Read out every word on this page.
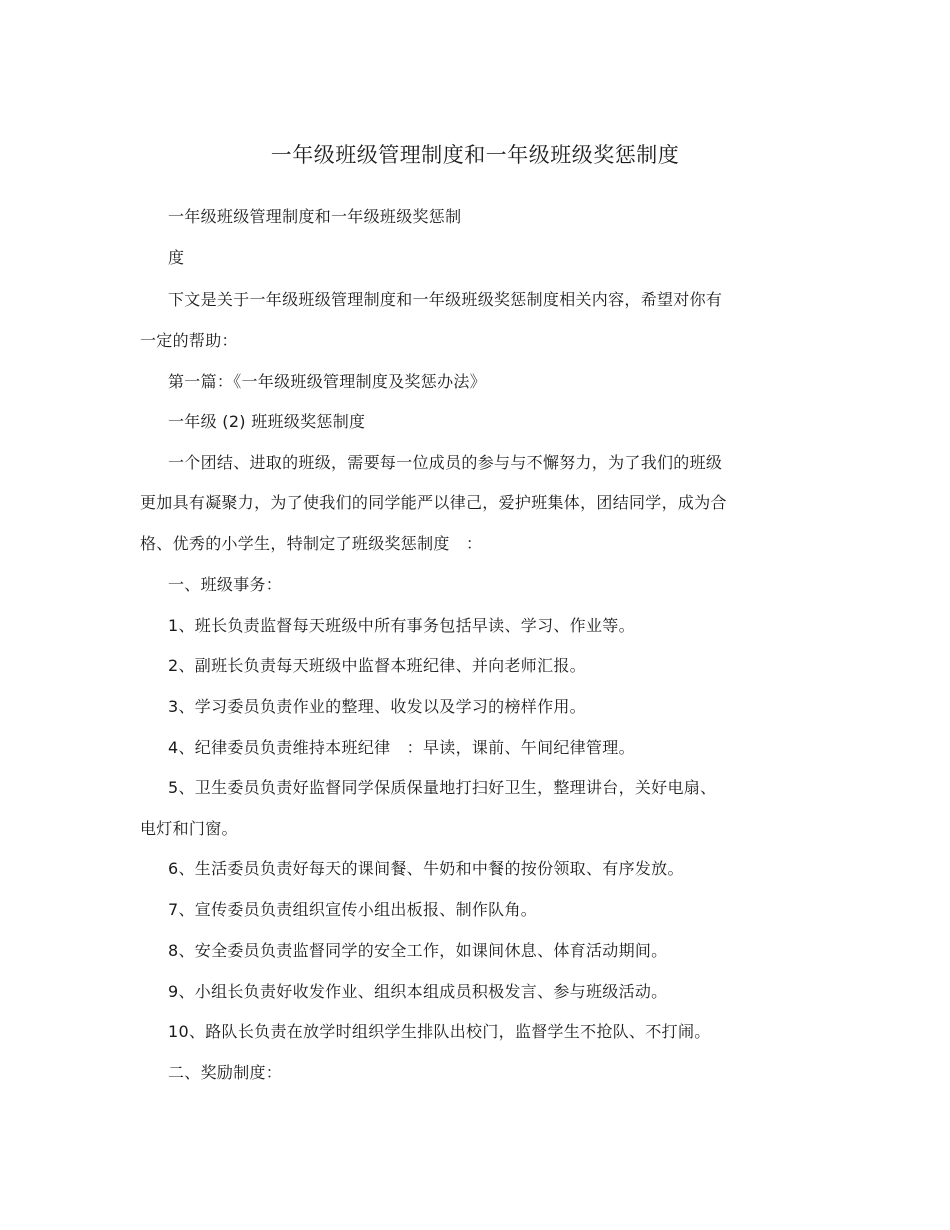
一年级班级管理制度和一年级班级奖惩制度
一年级班级管理制度和一年级班级奖惩制
度
下文是关于一年级班级管理制度和一年级班级奖惩制度相关内容，希望对你有
一定的帮助：
第一篇：《一年级班级管理制度及奖惩办法》
一年级 (2) 班班级奖惩制度
一个团结、进取的班级，需要每一位成员的参与与不懈努力，为了我们的班级
更加具有凝聚力，为了使我们的同学能严以律己，爱护班集体，团结同学，成为合
格、优秀的小学生，特制定了班级奖惩制度　：
一、班级事务：
1、班长负责监督每天班级中所有事务包括早读、学习、作业等。
2、副班长负责每天班级中监督本班纪律、并向老师汇报。
3、学习委员负责作业的整理、收发以及学习的榜样作用。
4、纪律委员负责维持本班纪律　：早读，课前、午间纪律管理。
5、卫生委员负责好监督同学保质保量地打扫好卫生，整理讲台，关好电扇、
电灯和门窗。
6、生活委员负责好每天的课间餐、牛奶和中餐的按份领取、有序发放。
7、宣传委员负责组织宣传小组出板报、制作队角。
8、安全委员负责监督同学的安全工作，如课间休息、体育活动期间。
9、小组长负责好收发作业、组织本组成员积极发言、参与班级活动。
10、路队长负责在放学时组织学生排队出校门，监督学生不抢队、不打闹。
二、奖励制度：
